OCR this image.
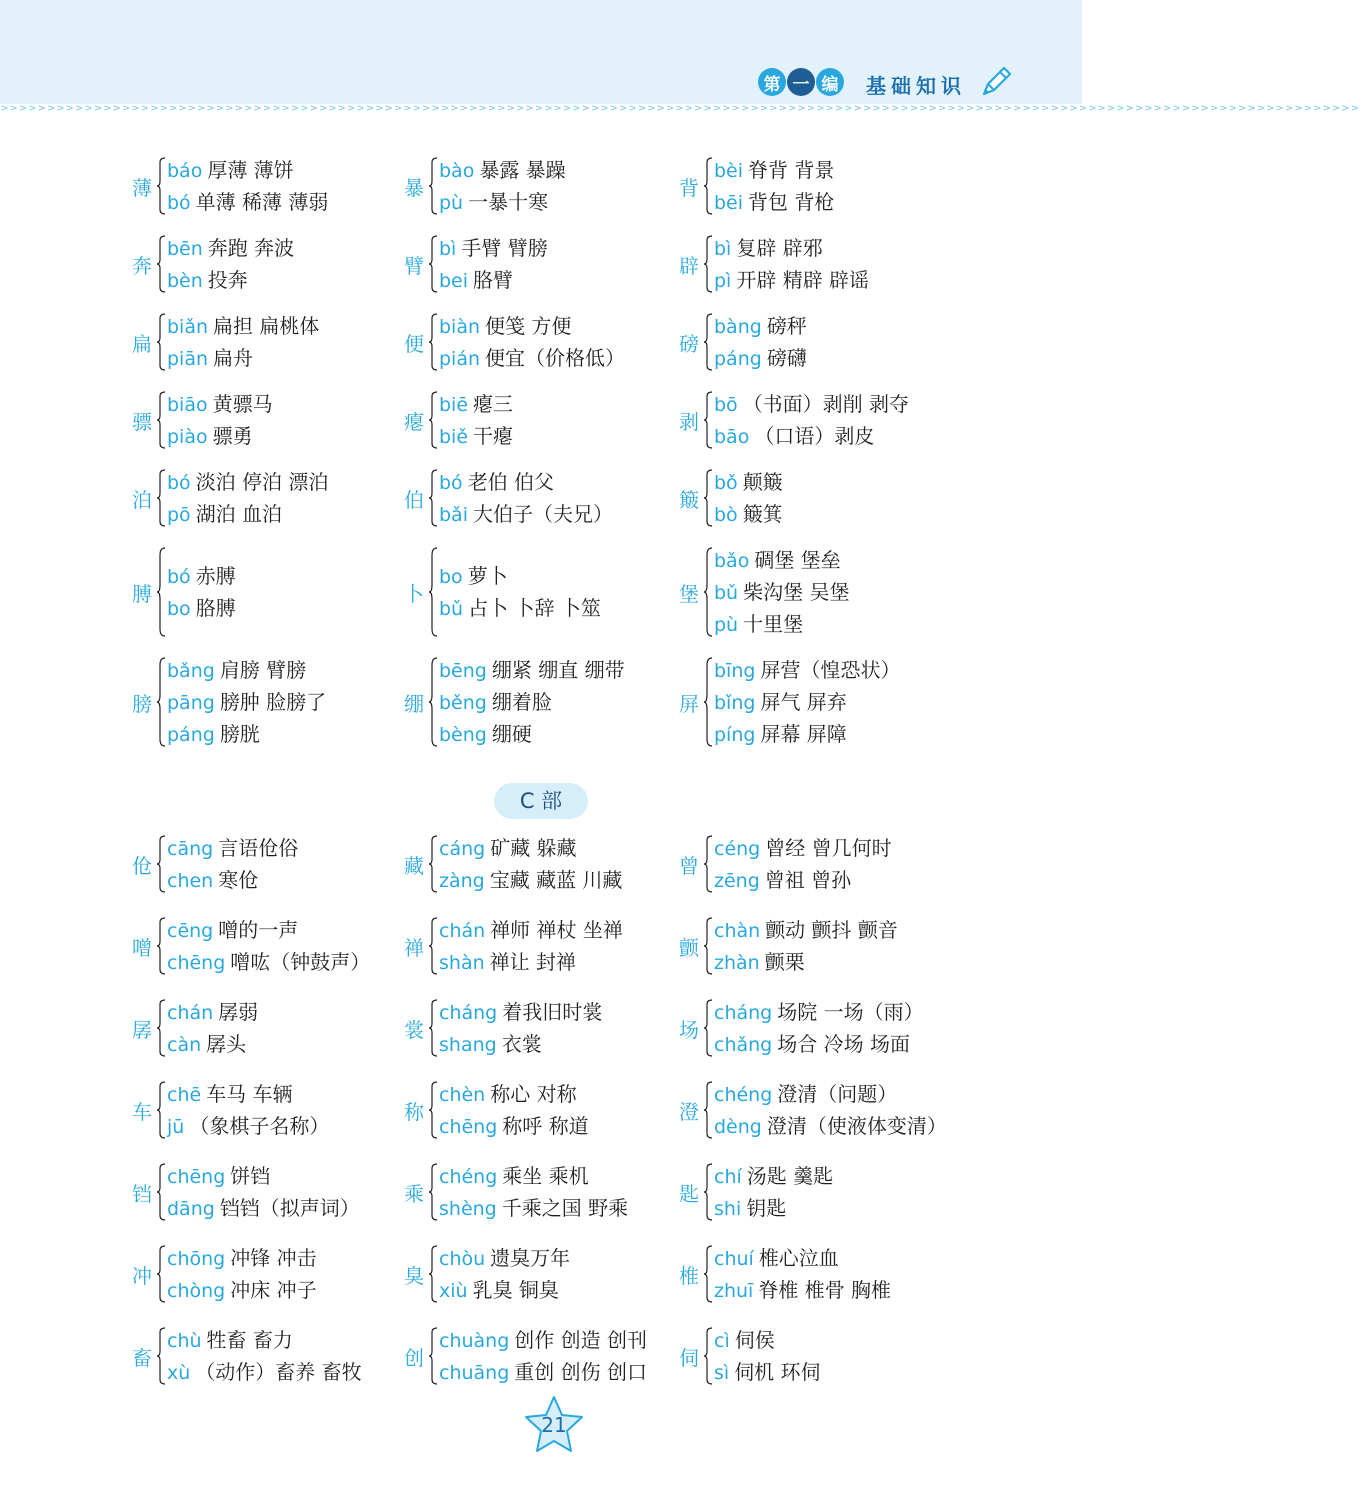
>>>>>>>>>>>>>>>>>>>>>>>>>>>>>>>>>>>>>>>>>>>>>>>>>>>>>>>>>>>>>>>>>>>>>>>>>>>>>>>>>>>>>>>>>>>>>>>>>>>>>>>>>>>>>>>>>>>>>>>>>>>>>>>>>>>>>>>>>>>>>>>>>
第 一 编 基础知识
薄
báo 厚薄 薄饼
bó 单薄 稀薄 薄弱
暴
bào 暴露 暴躁
pù 一暴十寒
背
bèi 脊背 背景
bēi 背包 背枪
奔
bēn 奔跑 奔波
bèn 投奔
臂
bì 手臂 臂膀
bei 胳臂
辟
bì 复辟 辟邪
pì 开辟 精辟 辟谣
扁
biǎn 扁担 扁桃体
piān 扁舟
便
biàn 便笺 方便
pián 便宜（价格低）
磅
bàng 磅秤
páng 磅礴
骠
biāo 黄骠马
piào 骠勇
瘪
biē 瘪三
biě 干瘪
剥
bō （书面）剥削 剥夺
bāo （口语）剥皮
泊
bó 淡泊 停泊 漂泊
pō 湖泊 血泊
伯
bó 老伯 伯父
bǎi 大伯子（夫兄）
簸
bǒ 颠簸
bò 簸箕
膊
bó 赤膊
bo 胳膊
卜
bo 萝卜
bǔ 占卜 卜辞 卜筮
堡
bǎo 碉堡 堡垒
bǔ 柴沟堡 吴堡
pù 十里堡
膀
bǎng 肩膀 臂膀
pāng 膀肿 脸膀了
páng 膀胱
绷
bēng 绷紧 绷直 绷带
běng 绷着脸
bèng 绷硬
屏
bīng 屏营（惶恐状）
bǐng 屏气 屏弃
píng 屏幕 屏障
C 部
伧
cāng 言语伧俗
chen 寒伧
藏
cáng 矿藏 躲藏
zàng 宝藏 藏蓝 川藏
曾
céng 曾经 曾几何时
zēng 曾祖 曾孙
噌
cēng 噌的一声
chēng 噌吰（钟鼓声）
禅
chán 禅师 禅杖 坐禅
shàn 禅让 封禅
颤
chàn 颤动 颤抖 颤音
zhàn 颤栗
孱
chán 孱弱
càn 孱头
裳
cháng 着我旧时裳
shang 衣裳
场
cháng 场院 一场（雨）
chǎng 场合 冷场 场面
车
chē 车马 车辆
jū （象棋子名称）
称
chèn 称心 对称
chēng 称呼 称道
澄
chéng 澄清（问题）
dèng 澄清（使液体变清）
铛
chēng 饼铛
dāng 铛铛（拟声词）
乘
chéng 乘坐 乘机
shèng 千乘之国 野乘
匙
chí 汤匙 羹匙
shi 钥匙
冲
chōng 冲锋 冲击
chòng 冲床 冲子
臭
chòu 遗臭万年
xiù 乳臭 铜臭
椎
chuí 椎心泣血
zhuī 脊椎 椎骨 胸椎
畜
chù 牲畜 畜力
xù （动作）畜养 畜牧
创
chuàng 创作 创造 创刊
chuāng 重创 创伤 创口
伺
cì 伺侯
sì 伺机 环伺
21
